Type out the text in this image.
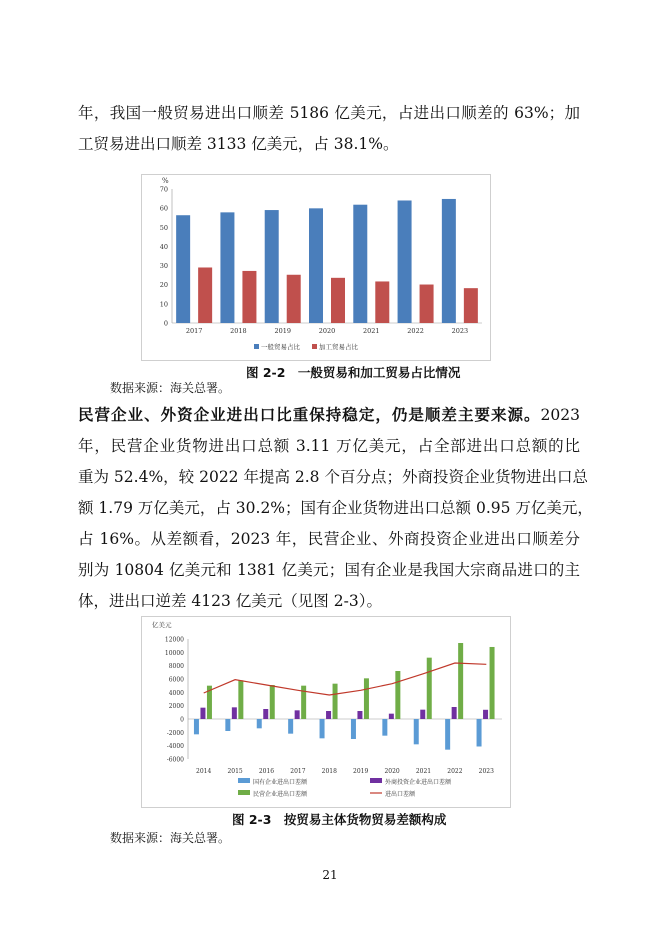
年，我国一般贸易进出口顺差 5186 亿美元，占进出口顺差的 63%；加
工贸易进出口顺差 3133 亿美元，占 38.1%。
%
0
10
20
30
40
50
60
70
2017	2018	2019	2020	2021	2022	2023
一般贸易占比	加工贸易占比
图 2-2　一般贸易和加工贸易占比情况
数据来源：海关总署。
民营企业、外资企业进出口比重保持稳定，仍是顺差主要来源。2023
年，民营企业货物进出口总额 3.11 万亿美元，占全部进出口总额的比
重为 52.4%，较 2022 年提高 2.8 个百分点；外商投资企业货物进出口总
额 1.79 万亿美元，占 30.2%；国有企业货物进出口总额 0.95 万亿美元，
占 16%。从差额看，2023 年，民营企业、外商投资企业进出口顺差分
别为 10804 亿美元和 1381 亿美元；国有企业是我国大宗商品进口的主
体，进出口逆差 4123 亿美元（见图 2-3）。
亿美元
-6000
-4000
-2000
0
2000
4000
6000
8000
10000
12000
2014	2015	2016	2017	2018	2019	2020	2021	2022	2023
国有企业进出口差额	外商投资企业进出口差额
民营企业进出口差额	进出口差额
图 2-3　按贸易主体货物贸易差额构成
数据来源：海关总署。
21
